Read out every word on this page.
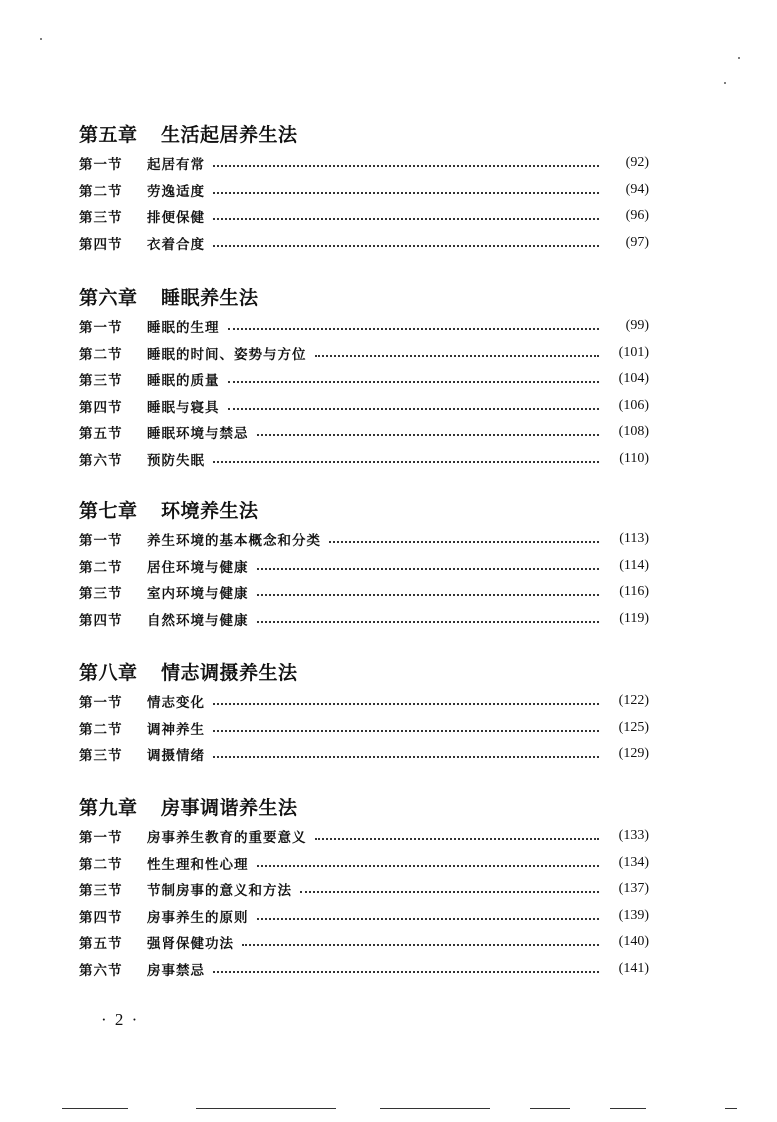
第五章	生活起居养生法
第一节	起居有常	(92)
第二节	劳逸适度	(94)
第三节	排便保健	(96)
第四节	衣着合度	(97)
第六章	睡眠养生法
第一节	睡眠的生理	(99)
第二节	睡眠的时间、姿势与方位	(101)
第三节	睡眠的质量	(104)
第四节	睡眠与寝具	(106)
第五节	睡眠环境与禁忌	(108)
第六节	预防失眠	(110)
第七章	环境养生法
第一节	养生环境的基本概念和分类	(113)
第二节	居住环境与健康	(114)
第三节	室内环境与健康	(116)
第四节	自然环境与健康	(119)
第八章	情志调摄养生法
第一节	情志变化	(122)
第二节	调神养生	(125)
第三节	调摄情绪	(129)
第九章	房事调谐养生法
第一节	房事养生教育的重要意义	(133)
第二节	性生理和性心理	(134)
第三节	节制房事的意义和方法	(137)
第四节	房事养生的原则	(139)
第五节	强肾保健功法	(140)
第六节	房事禁忌	(141)
· 2 ·
